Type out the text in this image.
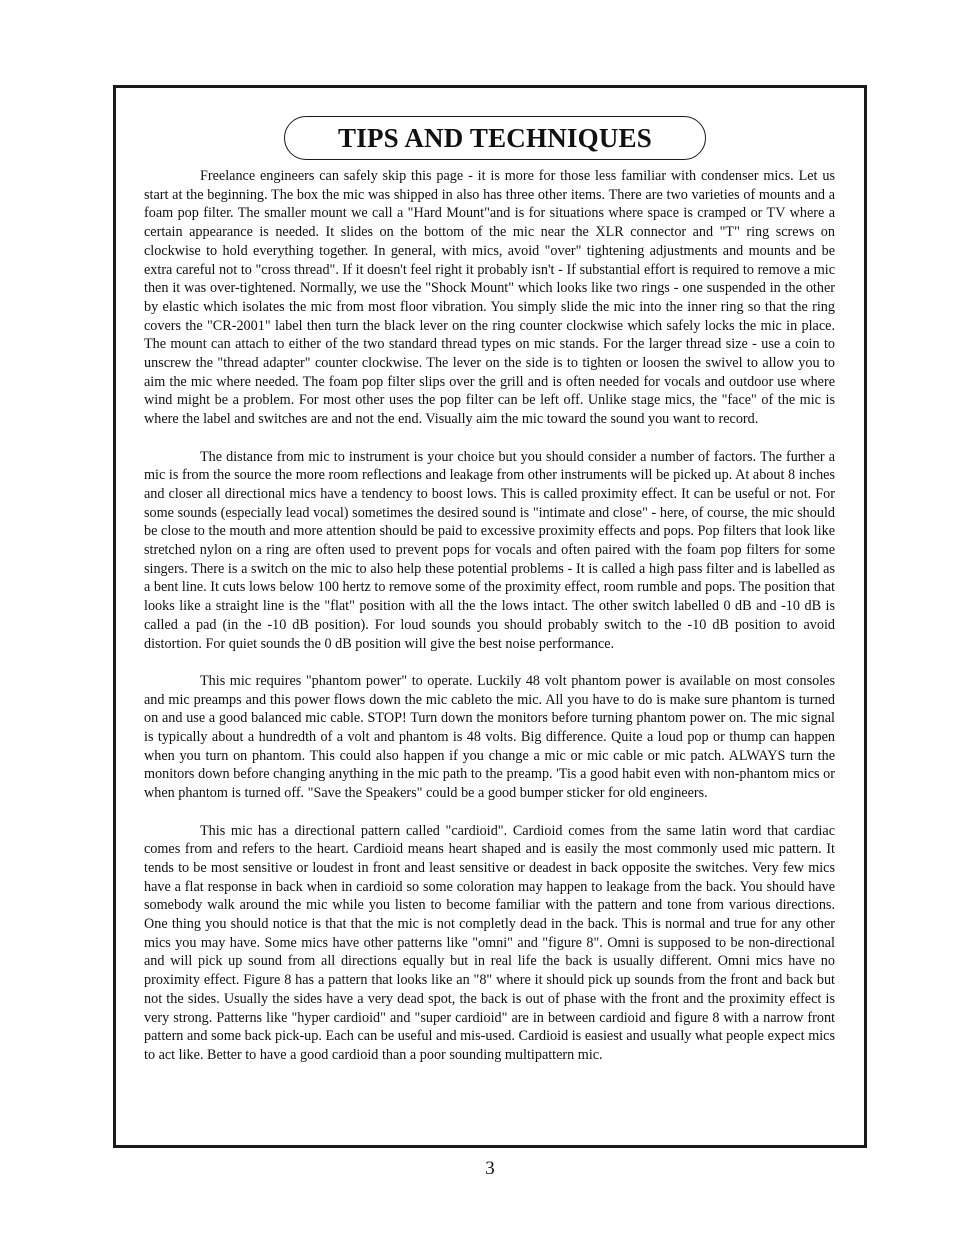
TIPS AND TECHNIQUES

Freelance engineers can safely skip this page - it is more for those less familiar with condenser mics. Let us start at the beginning. The box the mic was shipped in also has three other items. There are two varieties of mounts and a foam pop filter. The smaller mount we call a "Hard Mount"and is for situations where space is cramped or TV where a certain appearance is needed. It slides on the bottom of the mic near the XLR connector and "T" ring screws on clockwise to hold everything together. In general, with mics, avoid "over" tightening adjustments and mounts and be extra careful not to "cross thread". If it doesn't feel right it probably isn't - If substantial effort is required to remove a mic then it was over-tightened. Normally, we use the "Shock Mount" which looks like two rings - one suspended in the other by elastic which isolates the mic from most floor vibration. You simply slide the mic into the inner ring so that the ring covers the "CR-2001" label then turn the black lever on the ring counter clockwise which safely locks the mic in place. The mount can attach to either of the two standard thread types on mic stands. For the larger thread size - use a coin to unscrew the "thread adapter" counter clockwise. The lever on the side is to tighten or loosen the swivel to allow you to aim the mic where needed. The foam pop filter slips over the grill and is often needed for vocals and outdoor use where wind might be a problem. For most other uses the pop filter can be left off. Unlike stage mics, the "face" of the mic is where the label and switches are and not the end. Visually aim the mic toward the sound you want to record.

The distance from mic to instrument is your choice but you should consider a number of factors. The further a mic is from the source the more room reflections and leakage from other instruments will be picked up. At about 8 inches and closer all directional mics have a tendency to boost lows. This is called proximity effect. It can be useful or not. For some sounds (especially lead vocal) sometimes the desired sound is "intimate and close" - here, of course, the mic should be close to the mouth and more attention should be paid to excessive proximity effects and pops. Pop filters that look like stretched nylon on a ring are often used to prevent pops for vocals and often paired with the foam pop filters for some singers. There is a switch on the mic to also help these potential problems - It is called a high pass filter and is labelled as a bent line. It cuts lows below 100 hertz to remove some of the proximity effect, room rumble and pops. The position that looks like a straight line is the "flat" position with all the the lows intact. The other switch labelled 0 dB and -10 dB is called a pad (in the -10 dB position). For loud sounds you should probably switch to the -10 dB position to avoid distortion. For quiet sounds the 0 dB position will give the best noise performance.

This mic requires "phantom power" to operate. Luckily 48 volt phantom power is available on most consoles and mic preamps and this power flows down the mic cableto the mic. All you have to do is make sure phantom is turned on and use a good balanced mic cable. STOP! Turn down the monitors before turning phantom power on. The mic signal is typically about a hundredth of a volt and phantom is 48 volts. Big difference. Quite a loud pop or thump can happen when you turn on phantom. This could also happen if you change a mic or mic cable or mic patch. ALWAYS turn the monitors down before changing anything in the mic path to the preamp. 'Tis a good habit even with non-phantom mics or when phantom is turned off. "Save the Speakers" could be a good bumper sticker for old engineers.

This mic has a directional pattern called "cardioid". Cardioid comes from the same latin word that cardiac comes from and refers to the heart. Cardioid means heart shaped and is easily the most commonly used mic pattern. It tends to be most sensitive or loudest in front and least sensitive or deadest in back opposite the switches. Very few mics have a flat response in back when in cardioid so some coloration may happen to leakage from the back. You should have somebody walk around the mic while you listen to become familiar with the pattern and tone from various directions. One thing you should notice is that that the mic is not completly dead in the back. This is normal and true for any other mics you may have. Some mics have other patterns like "omni" and "figure 8". Omni is supposed to be non-directional and will pick up sound from all directions equally but in real life the back is usually different. Omni mics have no proximity effect. Figure 8 has a pattern that looks like an "8" where it should pick up sounds from the front and back but not the sides. Usually the sides have a very dead spot, the back is out of phase with the front and the proximity effect is very strong. Patterns like "hyper cardioid" and "super cardioid" are in between cardioid and figure 8 with a narrow front pattern and some back pick-up. Each can be useful and mis-used. Cardioid is easiest and usually what people expect mics to act like. Better to have a good cardioid than a poor sounding multipattern mic.

3
